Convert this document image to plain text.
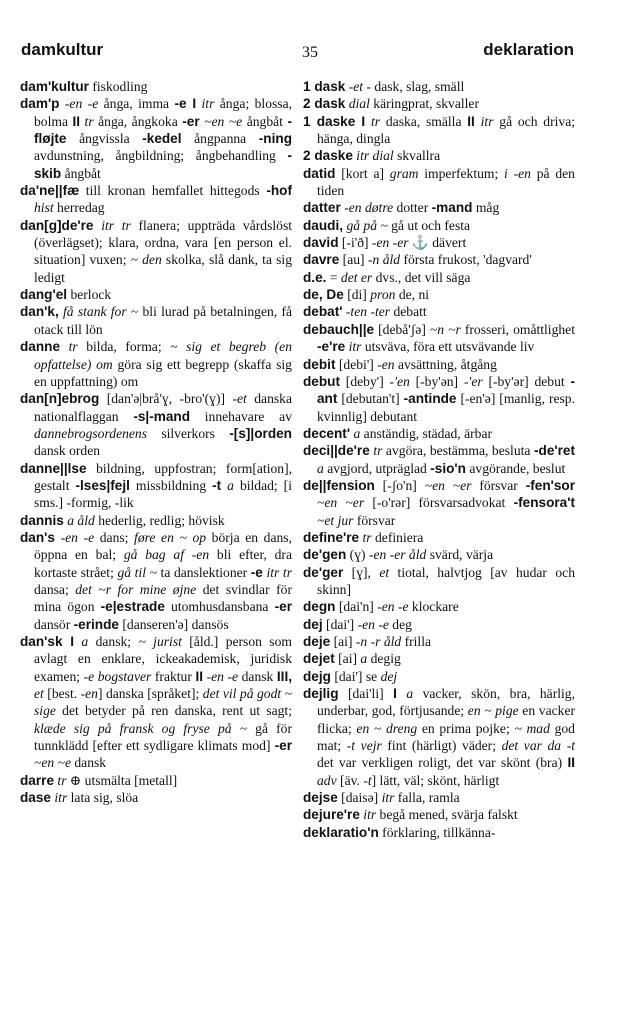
damkultur	35	deklaration
dam'kultur fiskodling
dam'p -en -e ånga, imma -e I itr ånga; blossa, bolma II tr ånga, ångkoka -er ~en ~e ångbåt -fløjte ångvissla -kedel ångpanna -ning avdunstning, ångbildning; ångbehandling -skib ångbåt
da'ne||fæ till kronan hemfallet hittegods -hof hist herredag
dan[g]de're itr tr flanera; uppträda vårdslöst (överlägset); klara, ordna, vara [en person el. situation] vuxen; ~ den skolka, slå dank, ta sig ledigt
dang'el berlock
dan'k, få stank for ~ bli lurad på betalningen, få otack till lön
danne tr bilda, forma; ~ sig et begreb (en opfattelse) om göra sig ett begrepp (skaffa sig en uppfattning) om
dan[n]ebrog [dan'ə|brå'ɣ, -bro'(ɣ)] -et danska nationalflaggan -s|-mand innehavare av dannebrogsordenens silverkors -[s]|orden dansk orden
danne||lse bildning, uppfostran; form[ation], gestalt -lses|fejl missbildning -t a bildad; [i sms.] -formig, -lik
dannis a åld hederlig, redlig; hövisk
dan's -en -e dans; føre en ~ op börja en dans, öppna en bal; gå bag af -en bli efter, dra kortaste strået; gå til ~ ta danslektioner -e itr tr dansa; det ~r for mine øjne det svindlar för mina ögon -e|estrade utomhusdansbana -er dansör -erinde [danseren'ə] dansös
dan'sk I a dansk; ~ jurist [åld.] person som avlagt en enklare, ickeakademisk, juridisk examen; -e bogstaver fraktur II -en -e dansk III, et [best. -en] danska [språket]; det vil på godt ~ sige det betyder på ren danska, rent ut sagt; klæde sig på fransk og fryse på ~ gå för tunnklädd [efter ett sydligare klimats mod] -er ~en ~e dansk
darre tr ⊕ utsmälta [metall]
dase itr lata sig, slöa
1 dask -et - dask, slag, smäll
2 dask dial käringprat, skvaller
1 daske I tr daska, smälla II itr gå och driva; hänga, dingla
2 daske itr dial skvallra
datid [kort a] gram imperfektum; i -en på den tiden
datter -en døtre dotter -mand måg
daudi, gå på ~ gå ut och festa
david [-i'ð] -en -er ⚓ dävert
davre [au] -n åld första frukost, 'dagvard'
d.e. = det er dvs., det vill säga
de, De [di] pron de, ni
debat' -ten -ter debatt
debauch||e [debå'ʃə] ~n ~r frosseri, omåttlighet -e're itr utsväva, föra ett utsvävande liv
debit [debi'] -en avsättning, åtgång
debut [deby'] -'en [-by'ən] -'er [-by'ər] debut -ant [debutan't] -antinde [-en'ə] [manlig, resp. kvinnlig] debutant
decent' a anständig, städad, ärbar
deci||de're tr avgöra, bestämma, besluta -de'ret a avgjord, utpräglad -sio'n avgörande, beslut
de||fension [-ʃo'n] ~en ~er försvar -fen'sor ~en ~er [-o'rər] försvarsadvokat -fensora't ~et jur försvar
define're tr definiera
de'gen (ɣ) -en -er åld svärd, värja
de'ger [ɣ], et tiotal, halvtjog [av hudar och skinn]
degn [dai'n] -en -e klockare
dej [dai'] -en -e deg
deje [ai] -n -r åld frilla
dejet [ai] a degig
dejg [dai'] se dej
dejlig [dai'li] I a vacker, skön, bra, härlig, underbar, god, förtjusande; en ~ pige en vacker flicka; en ~ dreng en prima pojke; ~ mad god mat; -t vejr fint (härligt) väder; det var da -t det var verkligen roligt, det var skönt (bra) II adv [äv. -t] lätt, väl; skönt, härligt
dejse [daisə] itr falla, ramla
dejure're itr begå mened, svärja falskt
deklaratio'n förklaring, tillkänna-
